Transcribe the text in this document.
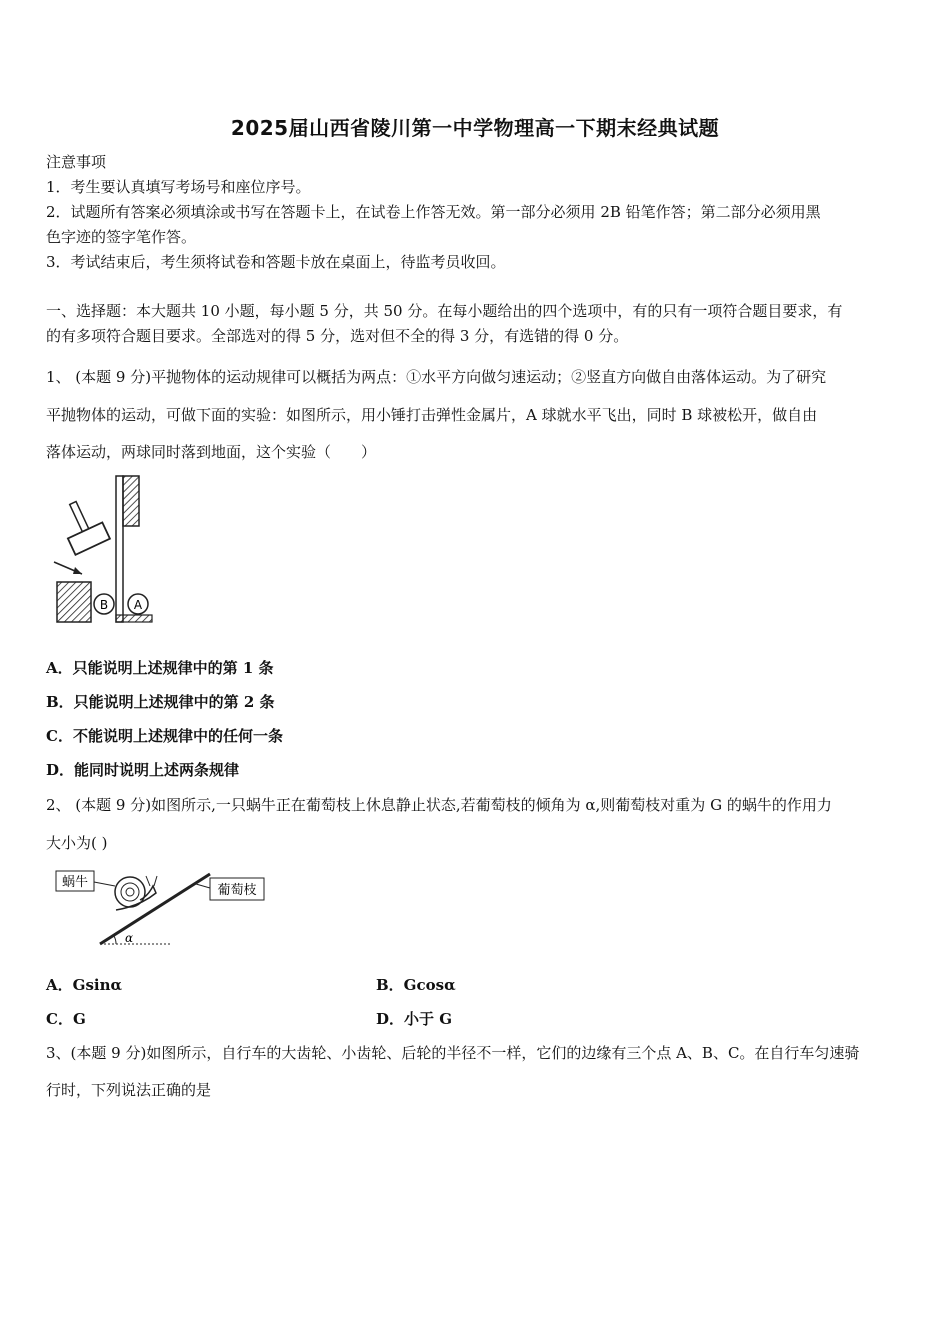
2025届山西省陵川第一中学物理高一下期末经典试题
注意事项
1．考生要认真填写考场号和座位序号。
2．试题所有答案必须填涂或书写在答题卡上，在试卷上作答无效。第一部分必须用 2B 铅笔作答；第二部分必须用黑
色字迹的签字笔作答。
3．考试结束后，考生须将试卷和答题卡放在桌面上，待监考员收回。
一、选择题：本大题共 10 小题，每小题 5 分，共 50 分。在每小题给出的四个选项中，有的只有一项符合题目要求，有
的有多项符合题目要求。全部选对的得 5 分，选对但不全的得 3 分，有选错的得 0 分。
1、 (本题 9 分)平抛物体的运动规律可以概括为两点：①水平方向做匀速运动；②竖直方向做自由落体运动。为了研究
平抛物体的运动，可做下面的实验：如图所示，用小锤打击弹性金属片，A 球就水平飞出，同时 B 球被松开，做自由
落体运动，两球同时落到地面，这个实验（　　）
B A
A．只能说明上述规律中的第 1 条
B．只能说明上述规律中的第 2 条
C．不能说明上述规律中的任何一条
D．能同时说明上述两条规律
2、 (本题 9 分)如图所示,一只蜗牛正在葡萄枝上休息静止状态,若葡萄枝的倾角为 α,则葡萄枝对重为 G 的蜗牛的作用力
大小为( )
蜗牛
葡萄枝
α
A．Gsinα	B．Gcosα
C．G	D．小于 G
3、(本题 9 分)如图所示，自行车的大齿轮、小齿轮、后轮的半径不一样，它们的边缘有三个点 A、B、C。在自行车匀速骑
行时，下列说法正确的是
